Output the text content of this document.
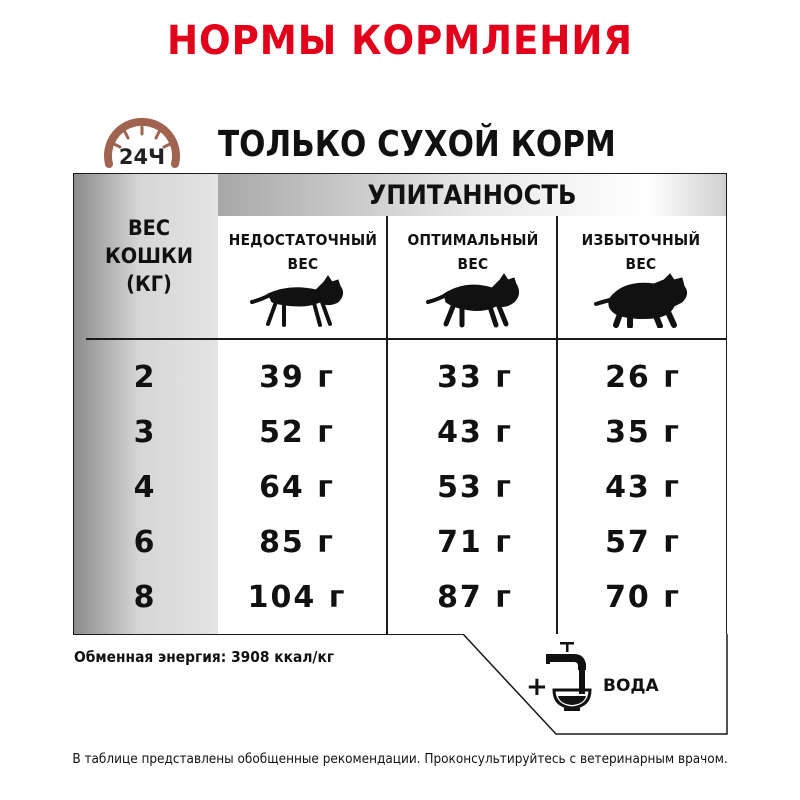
НОРМЫ КОРМЛЕНИЯ
24Ч ТОЛЬКО СУХОЙ КОРМ
УПИТАННОСТЬ
ВЕС
КОШКИ
(КГ)
НЕДОСТАТОЧНЫЙ
ВЕС
ОПТИМАЛЬНЫЙ
ВЕС
ИЗБЫТОЧНЫЙ
ВЕС
2	39 г	33 г	26 г
3	52 г	43 г	35 г
4	64 г	53 г	43 г
6	85 г	71 г	57 г
8	104 г	87 г	70 г
Обменная энергия: 3908 ккал/кг
+	ВОДА
В таблице представлены обобщенные рекомендации. Проконсультируйтесь с ветеринарным врачом.
